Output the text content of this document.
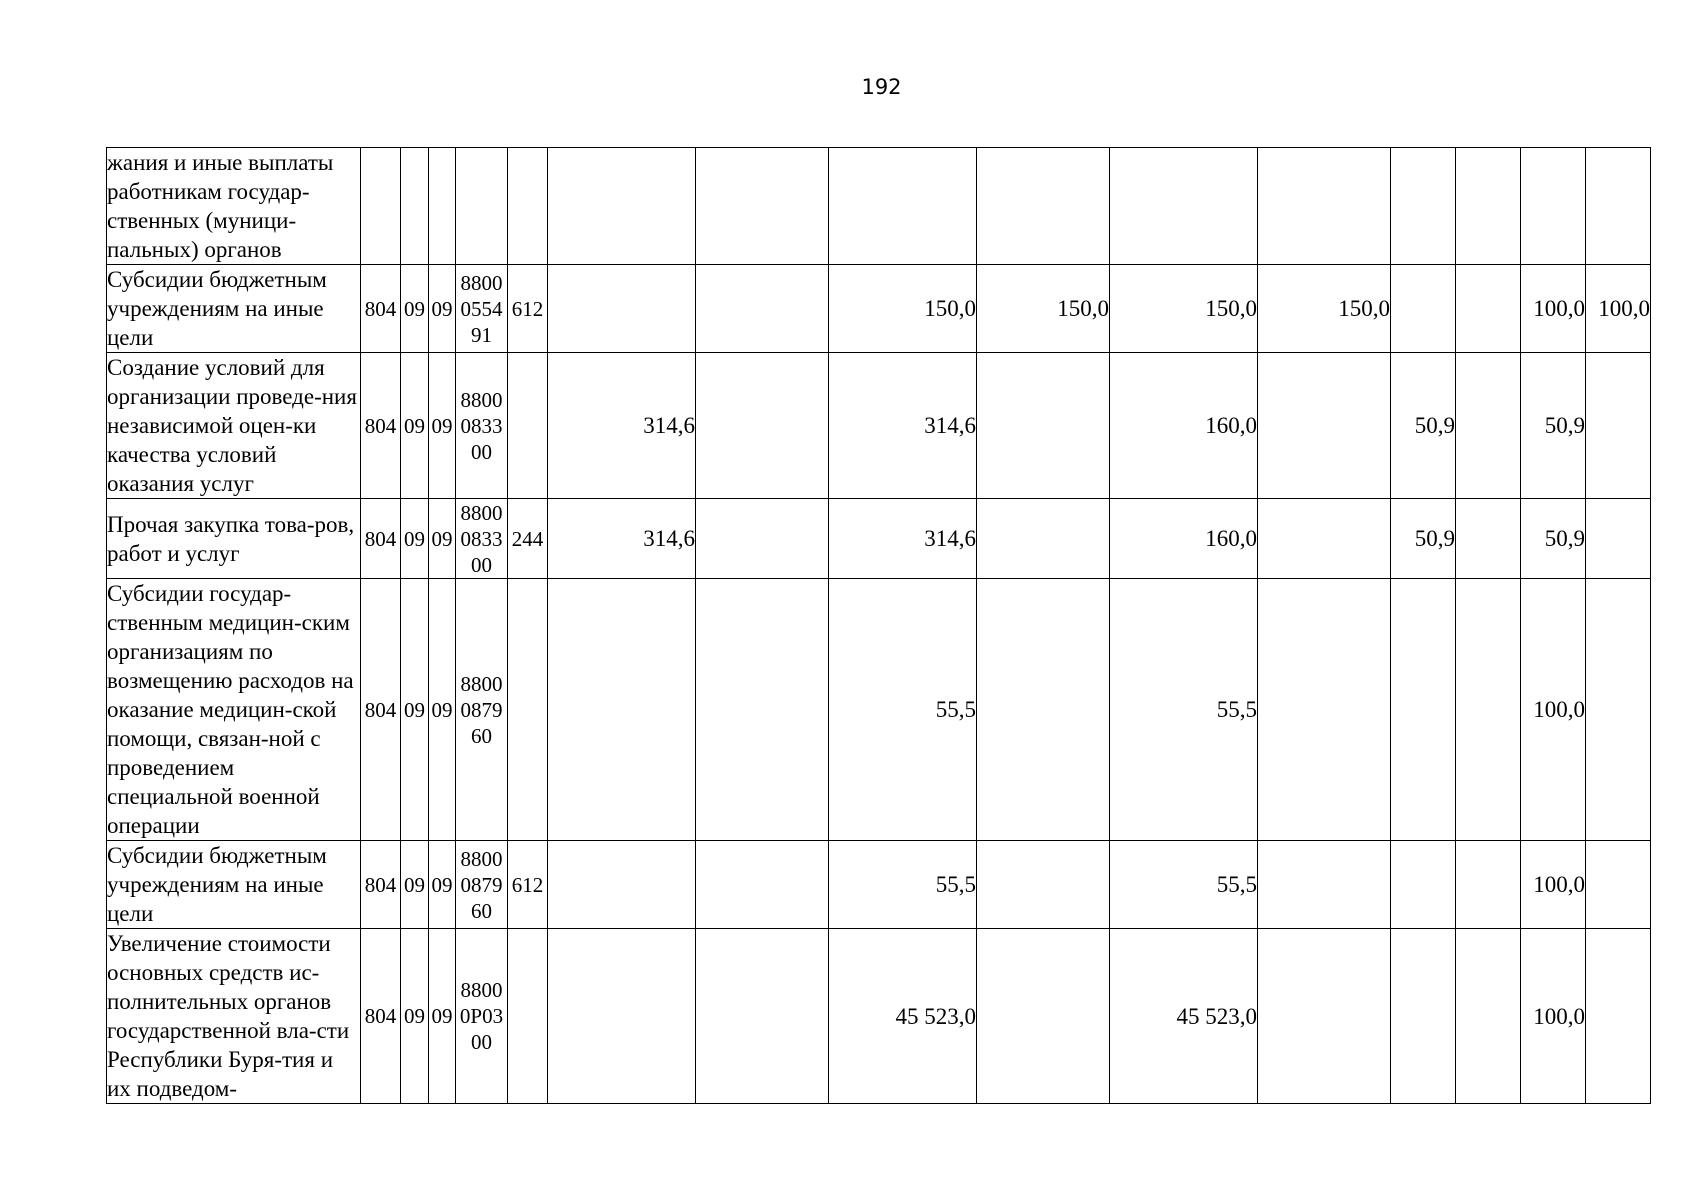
192
жания и иные выплаты работникам государ-ственных (муници-пальных) органов															
Субсидии бюджетным учреждениям на иные цели	804	09	09	8800 0554 91	612			150,0	150,0	150,0	150,0			100,0	100,0
Создание условий для организации проведе-ния независимой оцен-ки качества условий оказания услуг	804	09	09	8800 0833 00		314,6		314,6		160,0		50,9		50,9	
Прочая закупка това-ров, работ и услуг	804	09	09	8800 0833 00	244	314,6		314,6		160,0		50,9		50,9	
Субсидии государ-ственным медицин-ским организациям по возмещению расходов на оказание медицин-ской помощи, связан-ной с проведением специальной военной операции	804	09	09	8800 0879 60				55,5		55,5				100,0	
Субсидии бюджетным учреждениям на иные цели	804	09	09	8800 0879 60	612			55,5		55,5				100,0	
Увеличение стоимости основных средств ис-полнительных органов государственной вла-сти Республики Буря-тия и их подведом-	804	09	09	8800 0Р03 00				45 523,0		45 523,0				100,0	
